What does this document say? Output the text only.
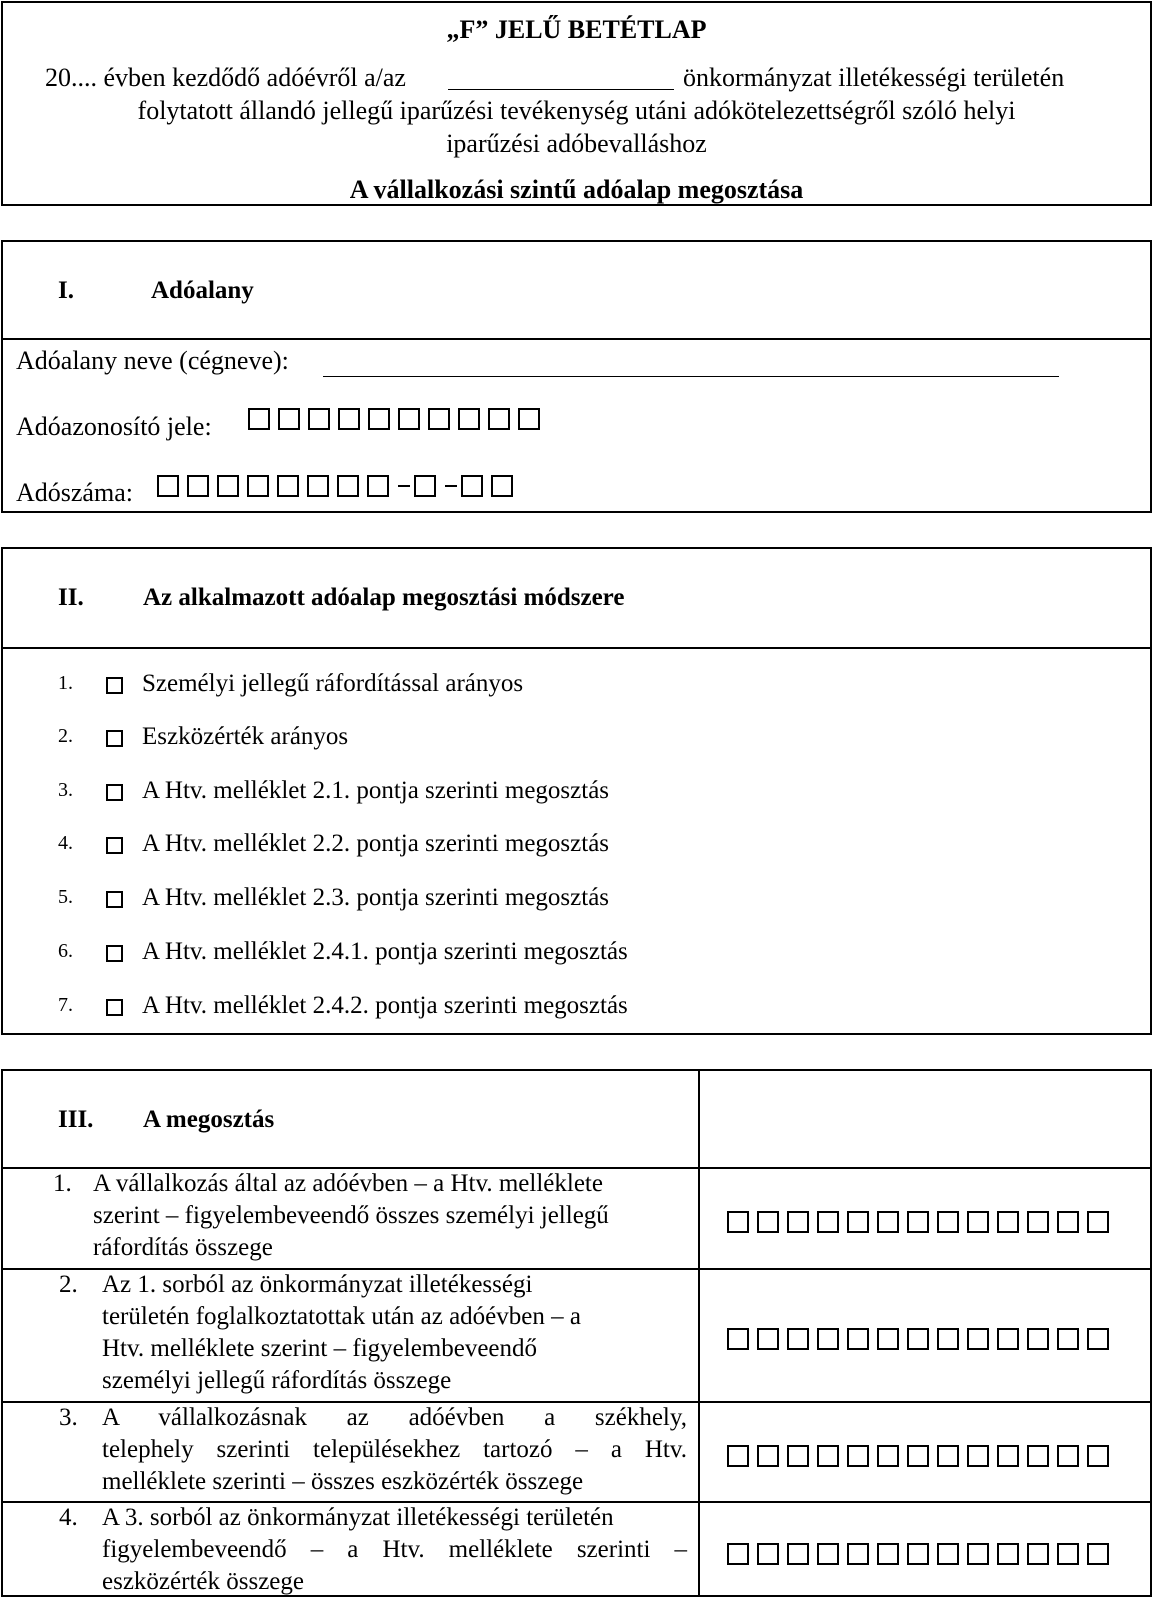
„F” JELŰ BETÉTLAP
20.... évben kezdődő adóévről a/az	önkormányzat illetékességi területén
folytatott állandó jellegű iparűzési tevékenység utáni adókötelezettségről szóló helyi
iparűzési adóbevalláshoz
A vállalkozási szintű adóalap megosztása
I.	Adóalany
Adóalany neve (cégneve):
Adóazonosító jele:
Adószáma:
II. Az alkalmazott adóalap megosztási módszere
1.	Személyi jellegű ráfordítással arányos
2.	Eszközérték arányos
3.	A Htv. melléklet 2.1. pontja szerinti megosztás
4.	A Htv. melléklet 2.2. pontja szerinti megosztás
5.	A Htv. melléklet 2.3. pontja szerinti megosztás
6.	A Htv. melléklet 2.4.1. pontja szerinti megosztás
7.	A Htv. melléklet 2.4.2. pontja szerinti megosztás
III. A megosztás
1. A vállalkozás által az adóévben – a Htv. melléklete
szerint – figyelembeveendő összes személyi jellegű
ráfordítás összege
2. Az 1. sorból az önkormányzat illetékességi
területén foglalkoztatottak után az adóévben – a
Htv. melléklete szerint – figyelembeveendő
személyi jellegű ráfordítás összege
3. A vállalkozásnak az adóévben a székhely,
telephely szerinti településekhez tartozó – a Htv.
melléklete szerinti – összes eszközérték összege
4. A 3. sorból az önkormányzat illetékességi területén
figyelembeveendő – a Htv. melléklete szerinti –
eszközérték összege
